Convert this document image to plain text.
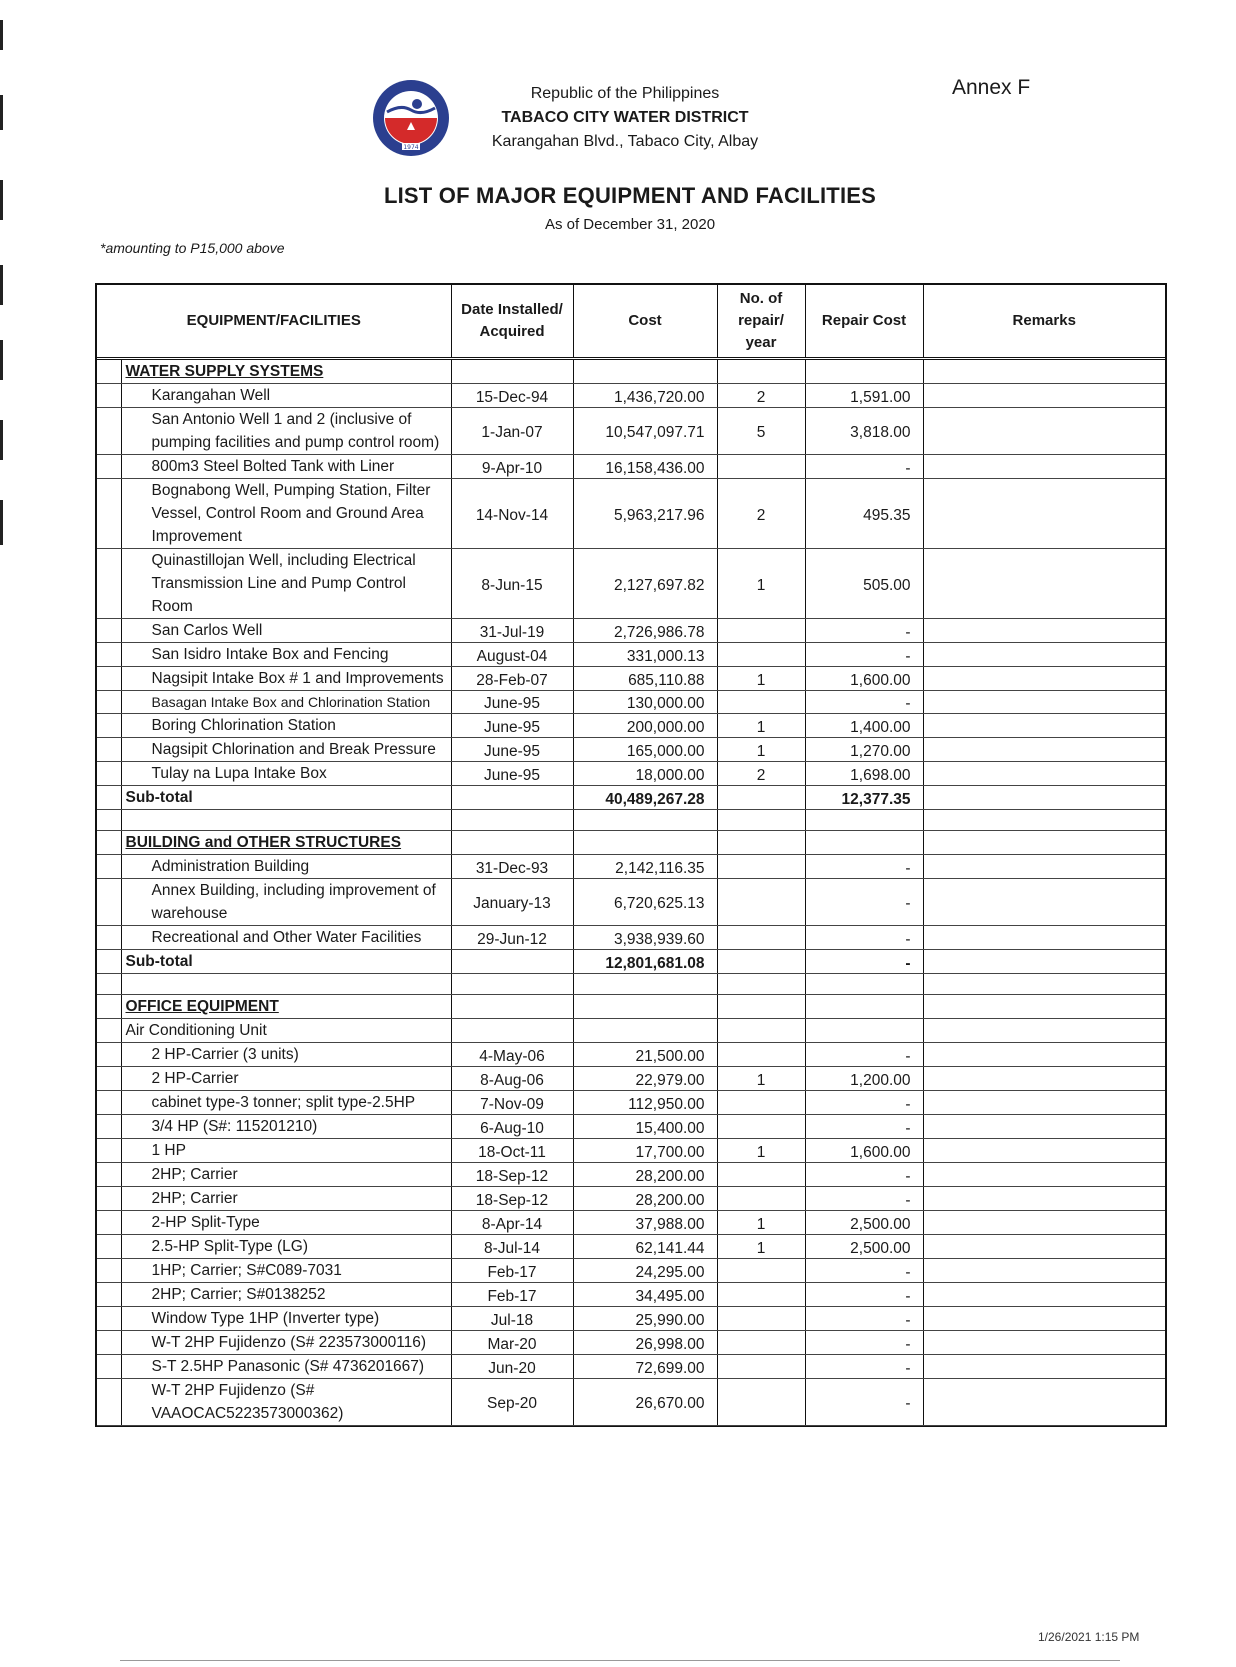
1974
Republic of the Philippines
TABACO CITY WATER DISTRICT
Karangahan Blvd., Tabaco City, Albay
Annex F
LIST OF MAJOR EQUIPMENT AND FACILITIES
As of December 31, 2020
*amounting to P15,000 above
EQUIPMENT/FACILITIES		Date Installed/ Acquired	Cost	No. of repair/ year	Repair Cost	Remarks
	WATER SUPPLY SYSTEMS					
	Karangahan Well	15-Dec-94	1,436,720.00	2	1,591.00	
	San Antonio Well 1 and 2 (inclusive of pumping facilities and pump control room)	1-Jan-07	10,547,097.71	5	3,818.00	
	800m3 Steel Bolted Tank with Liner	9-Apr-10	16,158,436.00		-	
	Bognabong Well, Pumping Station, Filter Vessel, Control Room and Ground Area Improvement	14-Nov-14	5,963,217.96	2	495.35	
	Quinastillojan Well, including Electrical Transmission Line and Pump Control Room	8-Jun-15	2,127,697.82	1	505.00	
	San Carlos Well	31-Jul-19	2,726,986.78		-	
	San Isidro Intake Box and Fencing	August-04	331,000.13		-	
	Nagsipit Intake Box # 1 and Improvements	28-Feb-07	685,110.88	1	1,600.00	
	Basagan Intake Box and Chlorination Station	June-95	130,000.00		-	
	Boring Chlorination Station	June-95	200,000.00	1	1,400.00	
	Nagsipit Chlorination and Break Pressure	June-95	165,000.00	1	1,270.00	
	Tulay na Lupa Intake Box	June-95	18,000.00	2	1,698.00	
	Sub-total		40,489,267.28		12,377.35	

	BUILDING and OTHER STRUCTURES					
	Administration Building	31-Dec-93	2,142,116.35		-	
	Annex Building, including improvement of warehouse	January-13	6,720,625.13		-	
	Recreational and Other Water Facilities	29-Jun-12	3,938,939.60		-	
	Sub-total		12,801,681.08		-	

	OFFICE EQUIPMENT					
	Air Conditioning Unit					
	2 HP-Carrier (3 units)	4-May-06	21,500.00		-	
	2 HP-Carrier	8-Aug-06	22,979.00	1	1,200.00	
	cabinet type-3 tonner; split type-2.5HP	7-Nov-09	112,950.00		-	
	3/4 HP (S#: 115201210)	6-Aug-10	15,400.00		-	
	1 HP	18-Oct-11	17,700.00	1	1,600.00	
	2HP; Carrier	18-Sep-12	28,200.00		-	
	2HP; Carrier	18-Sep-12	28,200.00		-	
	2-HP Split-Type	8-Apr-14	37,988.00	1	2,500.00	
	2.5-HP Split-Type (LG)	8-Jul-14	62,141.44	1	2,500.00	
	1HP; Carrier; S#C089-7031	Feb-17	24,295.00		-	
	2HP; Carrier; S#0138252	Feb-17	34,495.00		-	
	Window Type 1HP (Inverter type)	Jul-18	25,990.00		-	
	W-T 2HP Fujidenzo (S# 223573000116)	Mar-20	26,998.00		-	
	S-T 2.5HP Panasonic (S# 4736201667)	Jun-20	72,699.00		-	
	W-T 2HP Fujidenzo (S# VAAOCAC5223573000362)	Sep-20	26,670.00		-	
1/26/2021 1:15 PM
